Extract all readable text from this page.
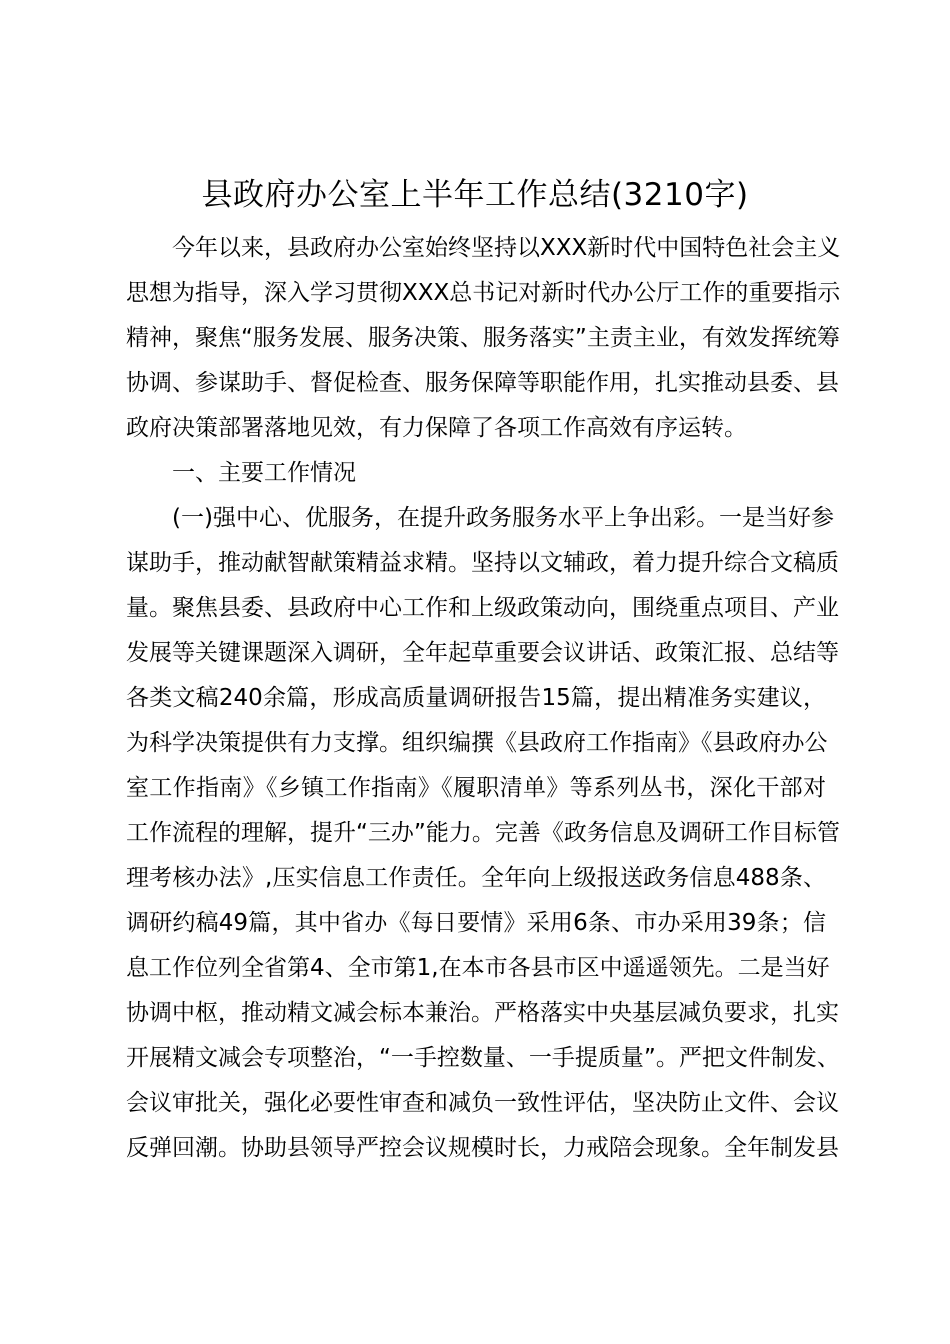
县政府办公室上半年工作总结(3210字)
今年以来，县政府办公室始终坚持以XXX新时代中国特色社会主义
思想为指导，深入学习贯彻XXX总书记对新时代办公厅工作的重要指示
精神，聚焦“服务发展、服务决策、服务落实”主责主业，有效发挥统筹
协调、参谋助手、督促检查、服务保障等职能作用，扎实推动县委、县
政府决策部署落地见效，有力保障了各项工作高效有序运转。
一、主要工作情况
(一)强中心、优服务，在提升政务服务水平上争出彩。一是当好参
谋助手，推动献智献策精益求精。坚持以文辅政，着力提升综合文稿质
量。聚焦县委、县政府中心工作和上级政策动向，围绕重点项目、产业
发展等关键课题深入调研，全年起草重要会议讲话、政策汇报、总结等
各类文稿240余篇，形成高质量调研报告15篇，提出精准务实建议，
为科学决策提供有力支撑。组织编撰《县政府工作指南》《县政府办公
室工作指南》《乡镇工作指南》《履职清单》等系列丛书，深化干部对
工作流程的理解，提升“三办”能力。完善《政务信息及调研工作目标管
理考核办法》,压实信息工作责任。全年向上级报送政务信息488条、
调研约稿49篇，其中省办《每日要情》采用6条、市办采用39条；信
息工作位列全省第4、全市第1,在本市各县市区中遥遥领先。二是当好
协调中枢，推动精文减会标本兼治。严格落实中央基层减负要求，扎实
开展精文减会专项整治，“一手控数量、一手提质量”。严把文件制发、
会议审批关，强化必要性审查和减负一致性评估，坚决防止文件、会议
反弹回潮。协助县领导严控会议规模时长，力戒陪会现象。全年制发县
